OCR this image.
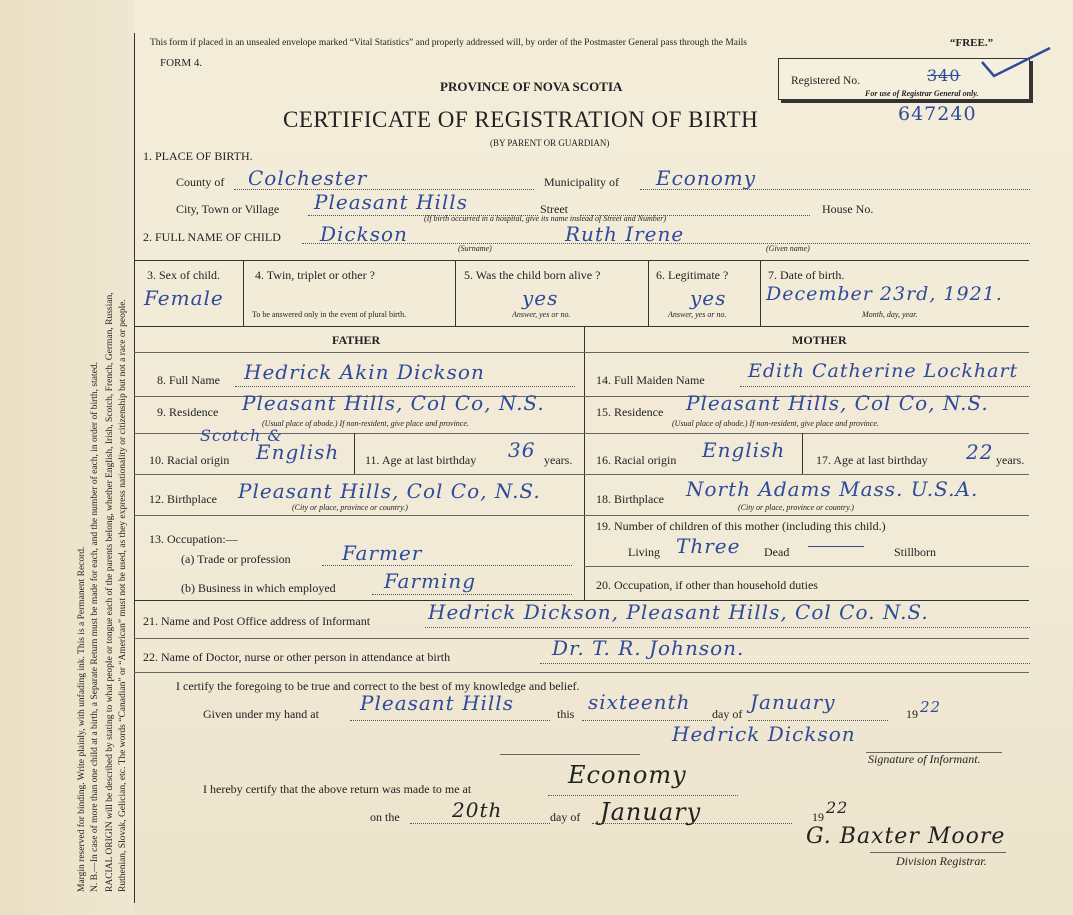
Margin reserved for binding. Write plainly, with unfading ink. This is a Permanent Record. N. B.—In case of more than one child at a birth, a Separate Return must be made for each, and the number of each, in order of birth, stated. RACIAL ORIGIN will be described by stating to what people or tongue each of the parents belong, whether English, Irish, Scotch, French, German, Russian, Ruthenian, Slovak, Gelician, etc. The words “Canadian” or “American” must not be used, as they express nationality or citizenship but not a race or people.
This form if placed in an unsealed envelope marked “Vital Statistics” and properly addressed will, by order of the Postmaster General pass through the Mails	“FREE.”
FORM 4.
PROVINCE OF NOVA SCOTIA
CERTIFICATE OF REGISTRATION OF BIRTH
(BY PARENT OR GUARDIAN)
647240
Registered No.	340
For use of Registrar General only.
1. PLACE OF BIRTH.
County of Colchester	Municipality of Economy
City, Town or Village Pleasant Hills	Street	House No.
(If birth occurred in a hospital, give its name instead of Street and Number)
2. FULL NAME OF CHILD Dickson
(Surname)
Ruth Irene
(Given name)
3. Sex of child.
Female
4. Twin, triplet or other ?
To be answered only in the event of plural birth.
5. Was the child born alive ?
yes
Answer, yes or no.
6. Legitimate ?
yes
Answer, yes or no.
7. Date of birth.
December 23rd, 1921.
Month, day, year.
FATHER	MOTHER
8. Full Name Hedrick Akin Dickson
9. Residence Pleasant Hills, Col Co, N.S.
(Usual place of abode.) If non-resident, give place and province.
Scotch &
10. Racial origin English 11. Age at last birthday 36 years.
12. Birthplace Pleasant Hills, Col Co, N.S.
(City or place, province or country.)
13. Occupation:—
(a) Trade or profession	Farmer
(b) Business in which employed Farming
14. Full Maiden Name Edith Catherine Lockhart
15. Residence Pleasant Hills, Col Co, N.S.
(Usual place of abode.) If non-resident, give place and province.
16. Racial origin English	17. Age at last birthday 22 years.
18. Birthplace North Adams Mass. U.S.A.
(City or place, province or country.)
19. Number of children of this mother (including this child.)
Living Three Dead	Stillborn
20. Occupation, if other than household duties
21. Name and Post Office address of Informant	Hedrick Dickson, Pleasant Hills, Col Co. N.S.
22. Name of Doctor, nurse or other person in attendance at birth	Dr. T. R. Johnson.
I certify the foregoing to be true and correct to the best of my knowledge and belief.
Given under my hand at Pleasant Hills	this sixteenth day of January	19 22
Hedrick Dickson
Signature of Informant.
I hereby certify that the above return was made to me at	Economy
on the	20th	day of January	19 22
G. Baxter Moore
Division Registrar.
